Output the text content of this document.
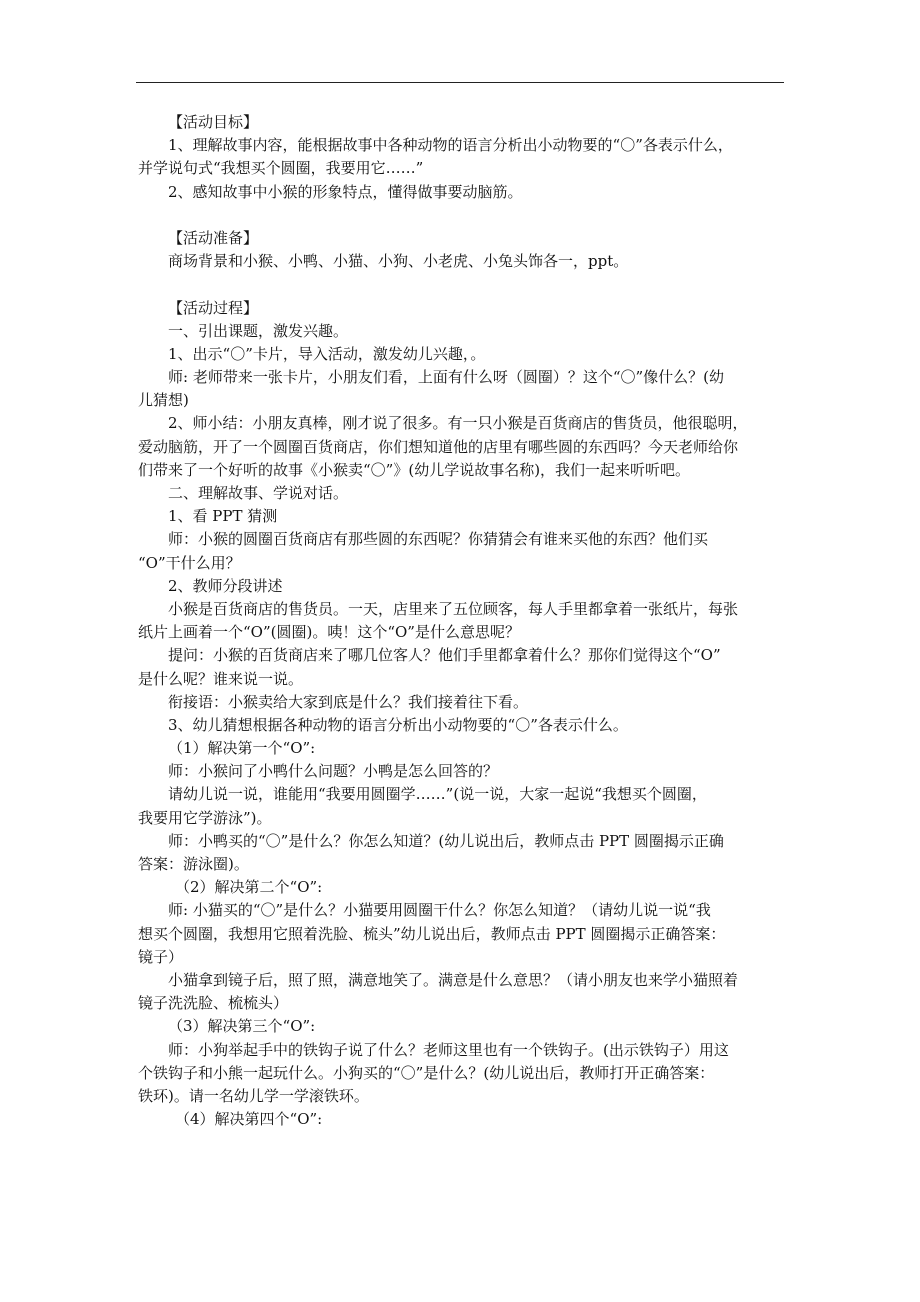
【活动目标】
1、理解故事内容，能根据故事中各种动物的语言分析出小动物要的“〇”各表示什么，
并学说句式“我想买个圆圈，我要用它……”
2、感知故事中小猴的形象特点，懂得做事要动脑筋。
【活动准备】
商场背景和小猴、小鸭、小猫、小狗、小老虎、小兔头饰各一，ppt。
【活动过程】
一、引出课题，激发兴趣。
1、出示“〇”卡片，导入活动，激发幼儿兴趣，。
师: 老师带来一张卡片，小朋友们看，上面有什么呀（圆圈）？这个“〇”像什么？(幼
儿猜想)
2、师小结：小朋友真棒，刚才说了很多。有一只小猴是百货商店的售货员，他很聪明，
爱动脑筋，开了一个圆圈百货商店，你们想知道他的店里有哪些圆的东西吗？今天老师给你
们带来了一个好听的故事《小猴卖“〇”》(幼儿学说故事名称)，我们一起来听听吧。
二、理解故事、学说对话。
1、看 PPT 猜测
师：小猴的圆圈百货商店有那些圆的东西呢？你猜猜会有谁来买他的东西？他们买
“O”干什么用？
2、教师分段讲述
小猴是百货商店的售货员。一天，店里来了五位顾客，每人手里都拿着一张纸片，每张
纸片上画着一个“O”(圆圈)。咦！这个“O”是什么意思呢？
提问：小猴的百货商店来了哪几位客人？他们手里都拿着什么？那你们觉得这个“O”
是什么呢？谁来说一说。
衔接语：小猴卖给大家到底是什么？我们接着往下看。
3、幼儿猜想根据各种动物的语言分析出小动物要的“〇”各表示什么。
（1）解决第一个“O”:
师：小猴问了小鸭什么问题？小鸭是怎么回答的？
请幼儿说一说，谁能用“我要用圆圈学……”(说一说，大家一起说“我想买个圆圈，
我要用它学游泳”)。
师：小鸭买的“〇”是什么？你怎么知道？(幼儿说出后，教师点击 PPT 圆圈揭示正确
答案：游泳圈)。
（2）解决第二个“O”:
师: 小猫买的“〇”是什么？小猫要用圆圈干什么？你怎么知道？（请幼儿说一说“我
想买个圆圈，我想用它照着洗脸、梳头”幼儿说出后，教师点击 PPT 圆圈揭示正确答案：
镜子）
小猫拿到镜子后，照了照，满意地笑了。满意是什么意思？（请小朋友也来学小猫照着
镜子洗洗脸、梳梳头）
（3）解决第三个“O”:
师：小狗举起手中的铁钩子说了什么？老师这里也有一个铁钩子。(出示铁钩子）用这
个铁钩子和小熊一起玩什么。小狗买的“〇”是什么？(幼儿说出后，教师打开正确答案：
铁环)。请一名幼儿学一学滚铁环。
（4）解决第四个“O”:
